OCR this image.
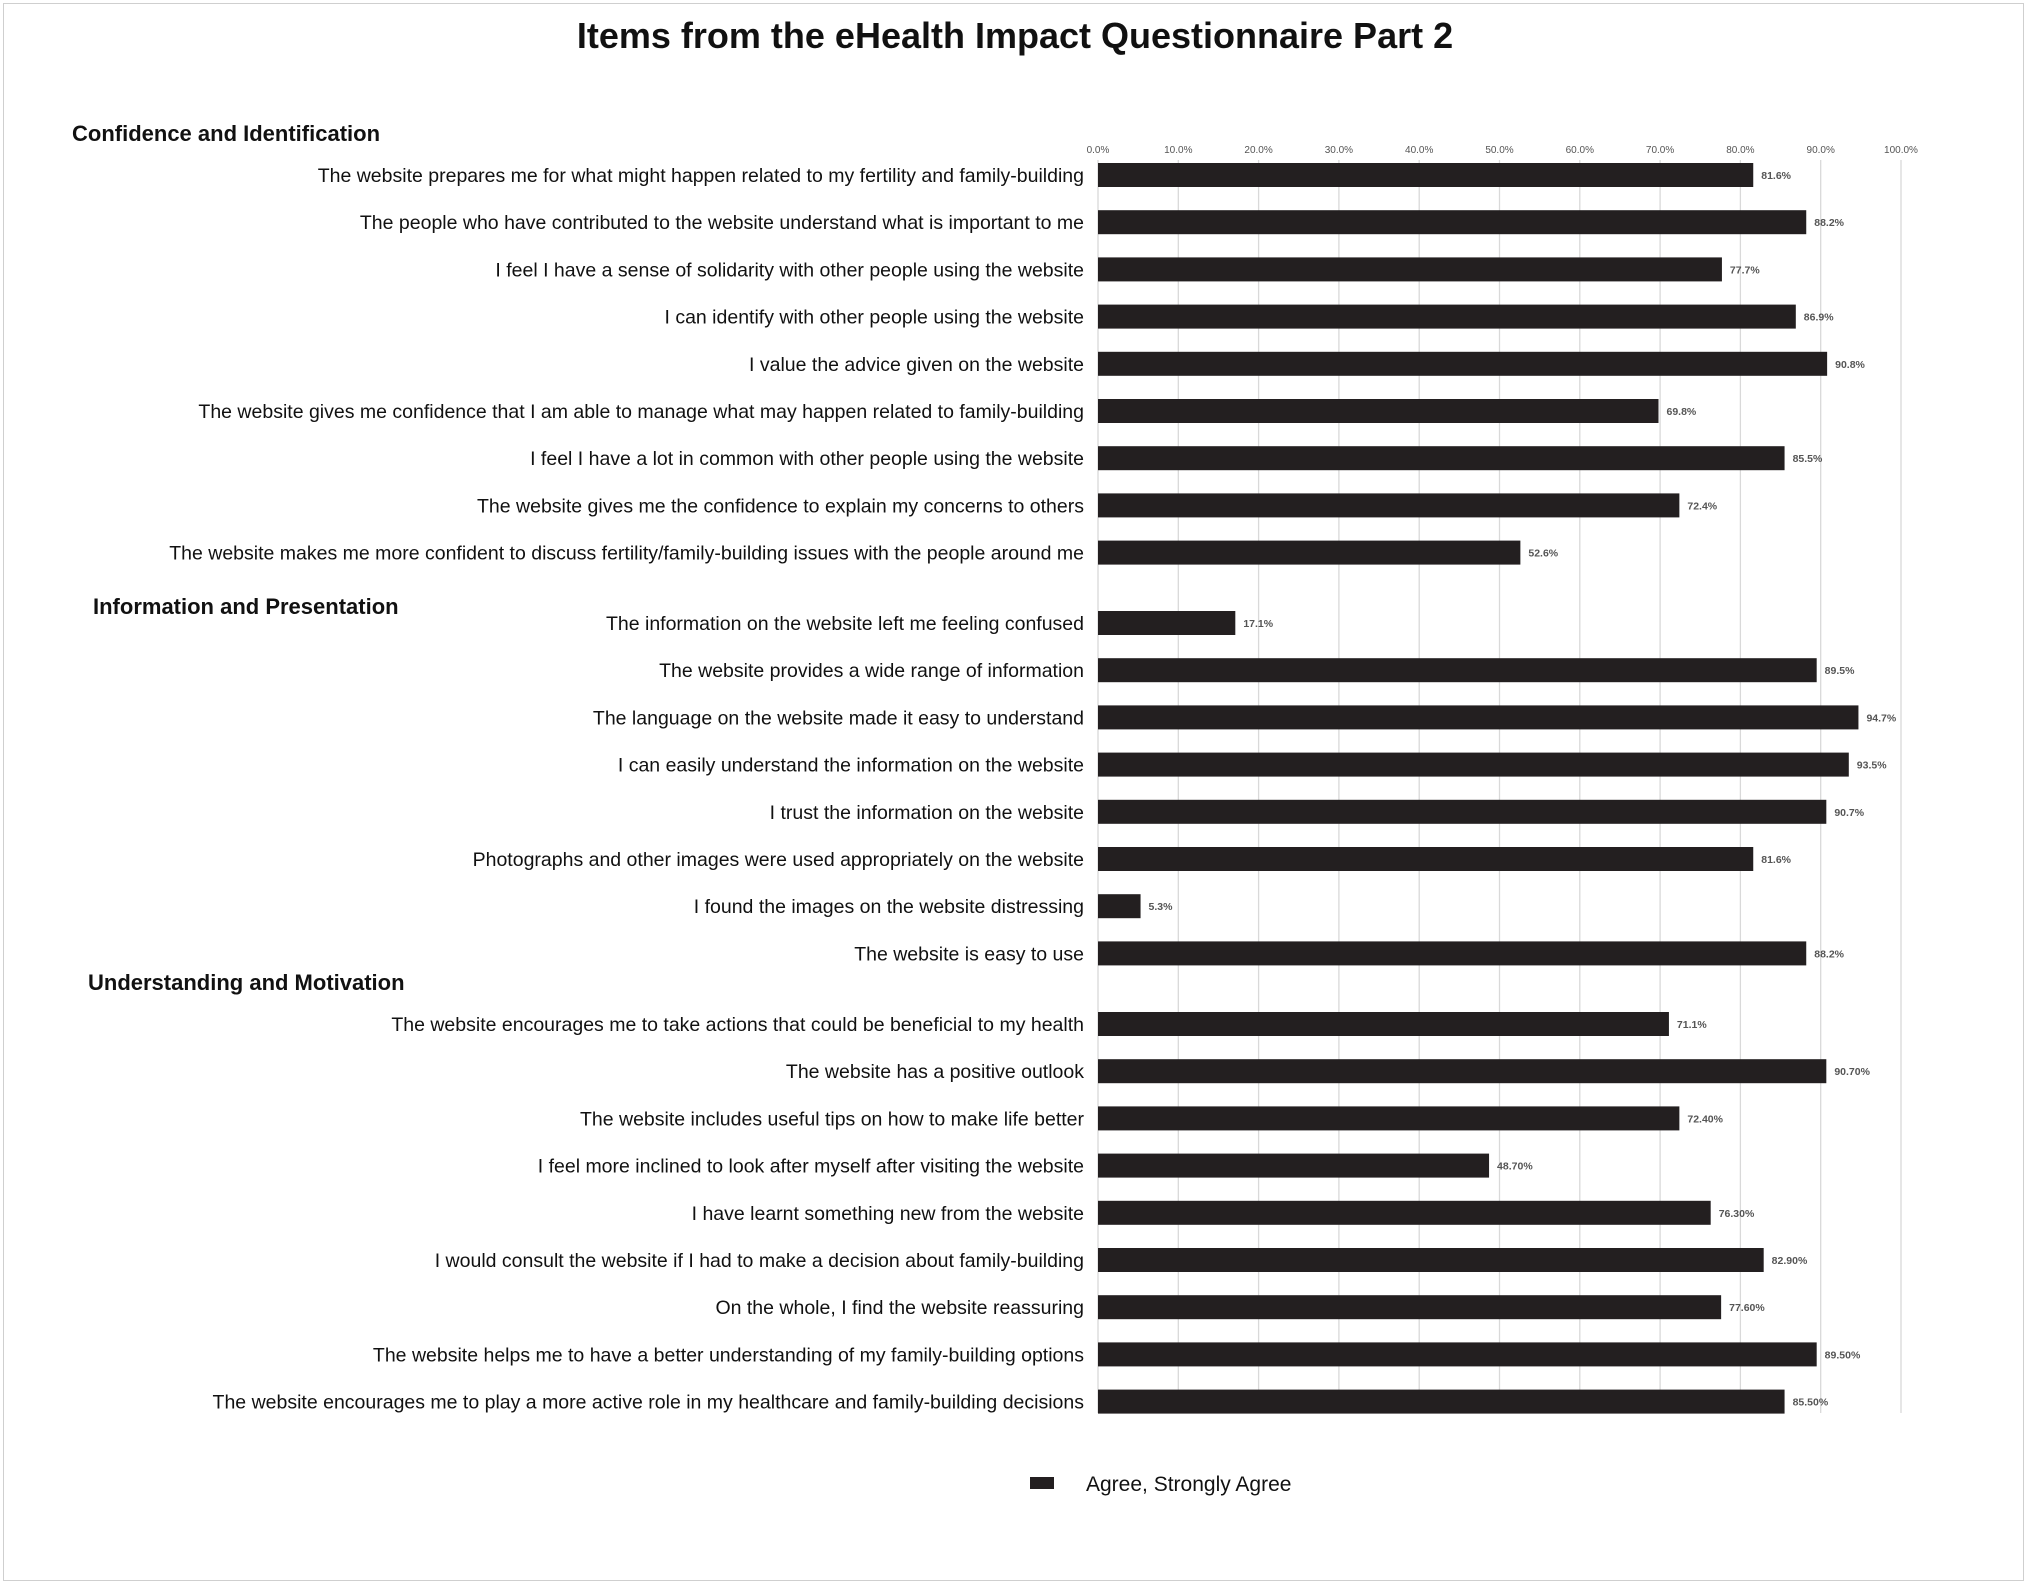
Items from the eHealth Impact Questionnaire Part 2
0.0%	10.0%	20.0%	30.0%	40.0%	50.0%	60.0%	70.0%	80.0%	90.0%	100.0%
Confidence and Identification
Information and Presentation
Understanding and Motivation
The website prepares me for what might happen related to my fertility and family-building	81.6%
The people who have contributed to the website understand what is important to me	88.2%
I feel I have a sense of solidarity with other people using the website	77.7%
I can identify with other people using the website	86.9%
I value the advice given on the website	90.8%
The website gives me confidence that I am able to manage what may happen related to family-building	69.8%
I feel I have a lot in common with other people using the website	85.5%
The website gives me the confidence to explain my concerns to others	72.4%
The website makes me more confident to discuss fertility/family-building issues with the people around me	52.6%
The information on the website left me feeling confused	17.1%
The website provides a wide range of information	89.5%
The language on the website made it easy to understand	94.7%
I can easily understand the information on the website	93.5%
I trust the information on the website	90.7%
Photographs and other images were used appropriately on the website	81.6%
I found the images on the website distressing	5.3%
The website is easy to use	88.2%
The website encourages me to take actions that could be beneficial to my health	71.1%
The website has a positive outlook	90.70%
The website includes useful tips on how to make life better	72.40%
I feel more inclined to look after myself after visiting the website	48.70%
I have learnt something new from the website	76.30%
I would consult the website if I had to make a decision about family-building	82.90%
On the whole, I find the website reassuring	77.60%
The website helps me to have a better understanding of my family-building options	89.50%
The website encourages me to play a more active role in my healthcare and family-building decisions	85.50%
Agree, Strongly Agree
